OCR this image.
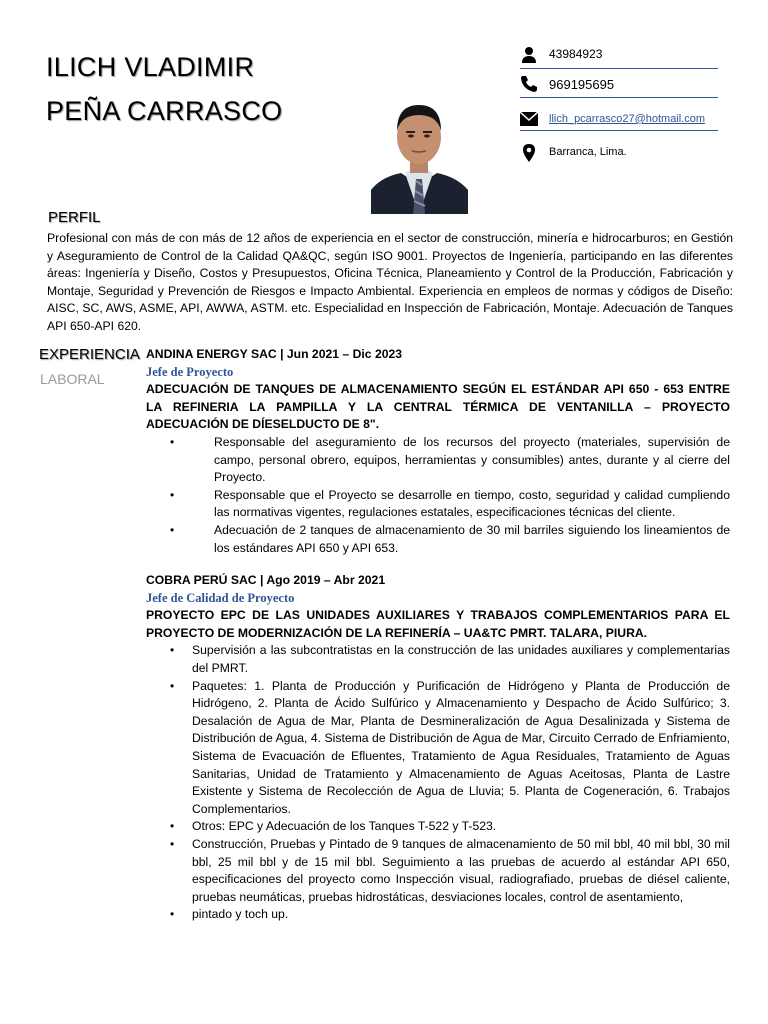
ILICH VLADIMIR
PEÑA CARRASCO
43984923
969195695
llich_pcarrasco27@hotmail.com
Barranca, Lima.
PERFIL
Profesional con más de con más de 12 años de experiencia en el sector de construcción, minería e hidrocarburos; en Gestión y Aseguramiento de Control de la Calidad QA&QC, según ISO 9001. Proyectos de Ingeniería, participando en las diferentes áreas: Ingeniería y Diseño, Costos y Presupuestos, Oficina Técnica, Planeamiento y Control de la Producción, Fabricación y Montaje, Seguridad y Prevención de Riesgos e Impacto Ambiental. Experiencia en empleos de normas y códigos de Diseño: AISC, SC, AWS, ASME, API, AWWA, ASTM. etc. Especialidad en Inspección de Fabricación, Montaje. Adecuación de Tanques API 650-API 620.
EXPERIENCIA
LABORAL
ANDINA ENERGY SAC | Jun 2021 – Dic 2023
Jefe de Proyecto
ADECUACIÓN DE TANQUES DE ALMACENAMIENTO SEGÚN EL ESTÁNDAR API 650 - 653 ENTRE LA REFINERIA LA PAMPILLA Y LA CENTRAL TÉRMICA DE VENTANILLA – PROYECTO ADECUACIÓN DE DÍESELDUCTO DE 8".
• Responsable del aseguramiento de los recursos del proyecto (materiales, supervisión de campo, personal obrero, equipos, herramientas y consumibles) antes, durante y al cierre del Proyecto.
• Responsable que el Proyecto se desarrolle en tiempo, costo, seguridad y calidad cumpliendo las normativas vigentes, regulaciones estatales, especificaciones técnicas del cliente.
• Adecuación de 2 tanques de almacenamiento de 30 mil barriles siguiendo los lineamientos de los estándares API 650 y API 653.
COBRA PERÚ SAC | Ago 2019 – Abr 2021
Jefe de Calidad de Proyecto
PROYECTO EPC DE LAS UNIDADES AUXILIARES Y TRABAJOS COMPLEMENTARIOS PARA EL PROYECTO DE MODERNIZACIÓN DE LA REFINERÍA – UA&TC PMRT. TALARA, PIURA.
• Supervisión a las subcontratistas en la construcción de las unidades auxiliares y complementarias del PMRT.
• Paquetes: 1. Planta de Producción y Purificación de Hidrógeno y Planta de Producción de Hidrógeno, 2. Planta de Ácido Sulfúrico y Almacenamiento y Despacho de Ácido Sulfúrico; 3. Desalación de Agua de Mar, Planta de Desmineralización de Agua Desalinizada y Sistema de Distribución de Agua, 4. Sistema de Distribución de Agua de Mar, Circuito Cerrado de Enfriamiento, Sistema de Evacuación de Efluentes, Tratamiento de Agua Residuales, Tratamiento de Aguas Sanitarias, Unidad de Tratamiento y Almacenamiento de Aguas Aceitosas, Planta de Lastre Existente y Sistema de Recolección de Agua de Lluvia; 5. Planta de Cogeneración, 6. Trabajos Complementarios.
• Otros: EPC y Adecuación de los Tanques T-522 y T-523.
• Construcción, Pruebas y Pintado de 9 tanques de almacenamiento de 50 mil bbl, 40 mil bbl, 30 mil bbl, 25 mil bbl y de 15 mil bbl. Seguimiento a las pruebas de acuerdo al estándar API 650, especificaciones del proyecto como Inspección visual, radiografiado, pruebas de diésel caliente, pruebas neumáticas, pruebas hidrostáticas, desviaciones locales, control de asentamiento,
• pintado y toch up.
